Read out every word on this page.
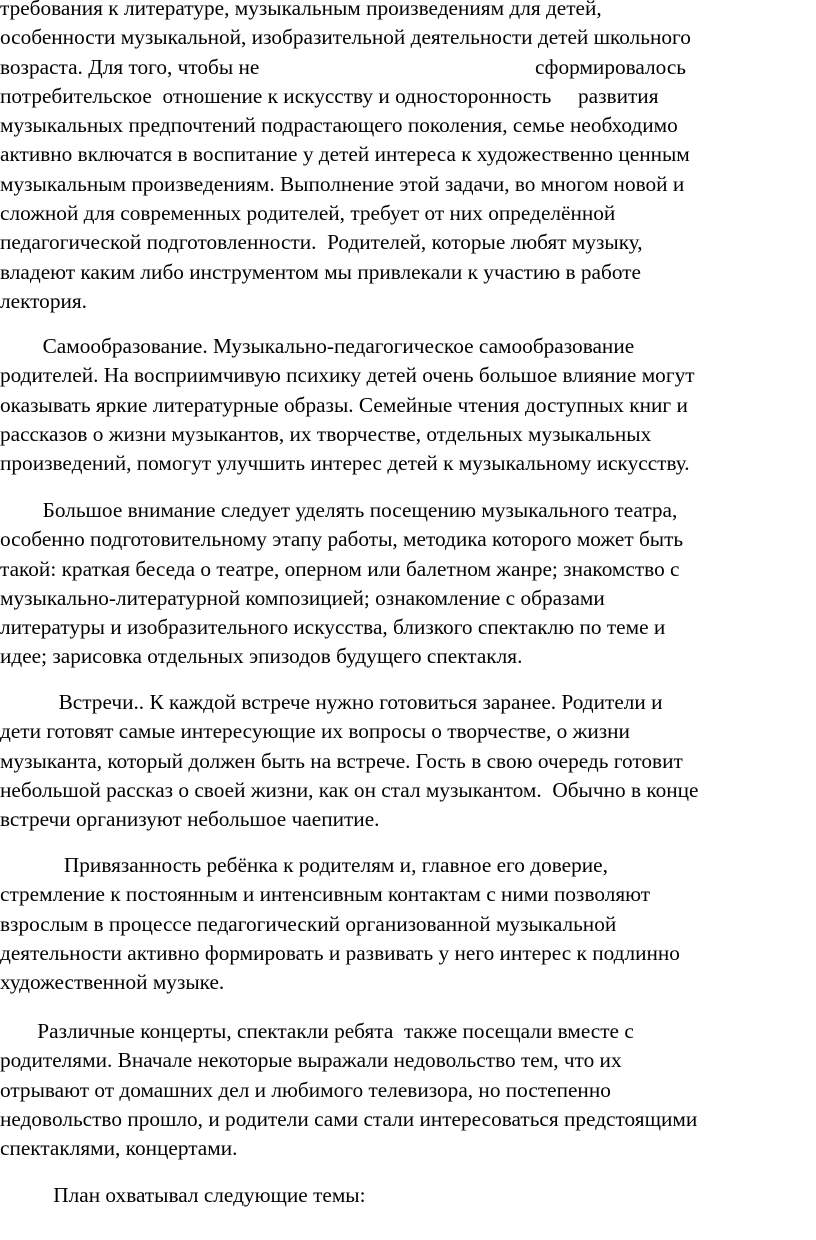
требования к литературе, музыкальным произведениям для детей,
особенности музыкальной, изобразительной деятельности детей школьного
возраста. Для того, чтобы не	сформировалось
потребительское  отношение к искусству и односторонность     развития
музыкальных предпочтений подрастающего поколения, семье необходимо
активно включатся в воспитание у детей интереса к художественно ценным
музыкальным произведениям. Выполнение этой задачи, во многом новой и
сложной для современных родителей, требует от них определённой
педагогической подготовленности.  Родителей, которые любят музыку,
владеют каким либо инструментом мы привлекали к участию в работе
лектория.
Самообразование. Музыкально-педагогическое самообразование
родителей. На восприимчивую психику детей очень большое влияние могут
оказывать яркие литературные образы. Семейные чтения доступных книг и
рассказов о жизни музыкантов, их творчестве, отдельных музыкальных
произведений, помогут улучшить интерес детей к музыкальному искусству.
Большое внимание следует уделять посещению музыкального театра,
особенно подготовительному этапу работы, методика которого может быть
такой: краткая беседа о театре, оперном или балетном жанре; знакомство с
музыкально-литературной композицией; ознакомление с образами
литературы и изобразительного искусства, близкого спектаклю по теме и
идее; зарисовка отдельных эпизодов будущего спектакля.
Встречи.. К каждой встрече нужно готовиться заранее. Родители и
дети готовят самые интересующие их вопросы о творчестве, о жизни
музыканта, который должен быть на встрече. Гость в свою очередь готовит
небольшой рассказ о своей жизни, как он стал музыкантом.  Обычно в конце
встречи организуют небольшое чаепитие.
Привязанность ребёнка к родителям и, главное его доверие,
стремление к постоянным и интенсивным контактам с ними позволяют
взрослым в процессе педагогический организованной музыкальной
деятельности активно формировать и развивать у него интерес к подлинно
художественной музыке.
Различные концерты, спектакли ребята  также посещали вместе с
родителями. Вначале некоторые выражали недовольство тем, что их
отрывают от домашних дел и любимого телевизора, но постепенно
недовольство прошло, и родители сами стали интересоваться предстоящими
спектаклями, концертами.
План охватывал следующие темы:
